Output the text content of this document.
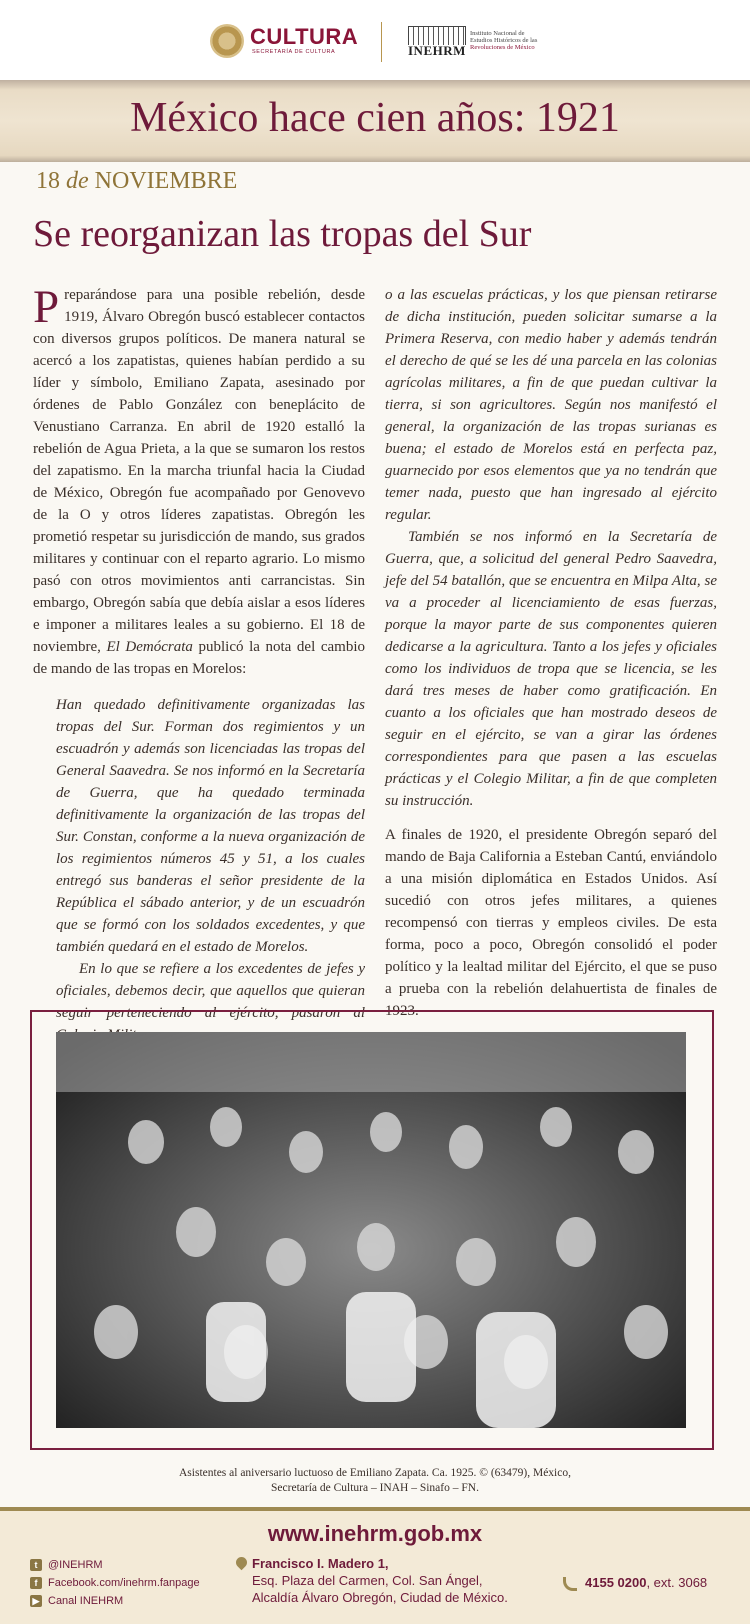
CULTURA
SECRETARÍA DE CULTURA	INEHRM
Instituto Nacional de
Estudios Históricos de las
Revoluciones de México
México hace cien años: 1921
18 de NOVIEMBRE
Se reorganizan las tropas del Sur

Preparándose para una posible rebelión, desde 1919, Álvaro Obregón buscó establecer contactos con diversos grupos políticos. De manera natural se acercó a los zapatistas, quienes habían perdido a su líder y símbolo, Emiliano Zapata, asesinado por órdenes de Pablo González con beneplácito de Venustiano Carranza. En abril de 1920 estalló la rebelión de Agua Prieta, a la que se sumaron los restos del zapatismo. En la marcha triunfal hacia la Ciudad de México, Obregón fue acompañado por Genovevo de la O y otros líderes zapatistas. Obregón les prometió respetar su jurisdicción de mando, sus grados militares y continuar con el reparto agrario. Lo mismo pasó con otros movimientos anti carrancistas. Sin embargo, Obregón sabía que debía aislar a esos líderes e imponer a militares leales a su gobierno. El 18 de noviembre, El Demócrata publicó la nota del cambio de mando de las tropas en Morelos:

Han quedado definitivamente organizadas las tropas del Sur. Forman dos regimientos y un escuadrón y además son licenciadas las tropas del General Saavedra. Se nos informó en la Secretaría de Guerra, que ha quedado terminada definitivamente la organización de las tropas del Sur. Constan, conforme a la nueva organización de los regimientos números 45 y 51, a los cuales entregó sus banderas el señor presidente de la República el sábado anterior, y de un escuadrón que se formó con los soldados excedentes, y que también quedará en el estado de Morelos.

En lo que se refiere a los excedentes de jefes y oficiales, debemos decir, que aquellos que quieran seguir perteneciendo al ejército, pasaron al

o a las escuelas prácticas, y los que piensan retirarse de dicha institución, pueden solicitar sumarse a la Primera Reserva, con medio haber y además tendrán el derecho de qué se les dé una parcela en las colonias agrícolas militares, a fin de que puedan cultivar la tierra, si son agricultores. Según nos manifestó el general, la organización de las tropas surianas es buena; el estado de Morelos está en perfecta paz, guarnecido por esos elementos que ya no tendrán que temer nada, puesto que han ingresado al ejército regular.

También se nos informó en la Secretaría de Guerra, que, a solicitud del general Pedro Saavedra, jefe del 54 batallón, que se encuentra en Milpa Alta, se va a proceder al licenciamiento de esas fuerzas, porque la mayor parte de sus componentes quieren dedicarse a la agricultura. Tanto a los jefes y oficiales como los individuos de tropa que se licencia, se les dará tres meses de haber como gratificación. En cuanto a los oficiales que han mostrado deseos de seguir en el ejército, se van a girar las órdenes correspondientes para que pasen a las escuelas prácticas y el Colegio Militar, a fin de que completen su instrucción.

A finales de 1920, el presidente Obregón separó del mando de Baja California a Esteban Cantú, enviándolo a una misión diplomática en Estados Unidos. Así sucedió con otros jefes militares, a quienes recompensó con tierras y empleos civiles. De esta forma, poco a poco, Obregón consolidó el poder político y la lealtad militar del Ejército, el que se puso a prueba con la rebelión delahuertista de finales de 1923.

Asistentes al aniversario luctuoso de Emiliano Zapata. Ca. 1925. © (63479), México,
Secretaría de Cultura – INAH – Sinafo – FN.
www.inehrm.gob.mx
t @INEHRM
f Facebook.com/inehrm.fanpage
▶ Canal INEHRM
Francisco I. Madero 1,
Esq. Plaza del Carmen, Col. San Ángel,
Alcaldía Álvaro Obregón, Ciudad de México.
4155 0200, ext. 3068
